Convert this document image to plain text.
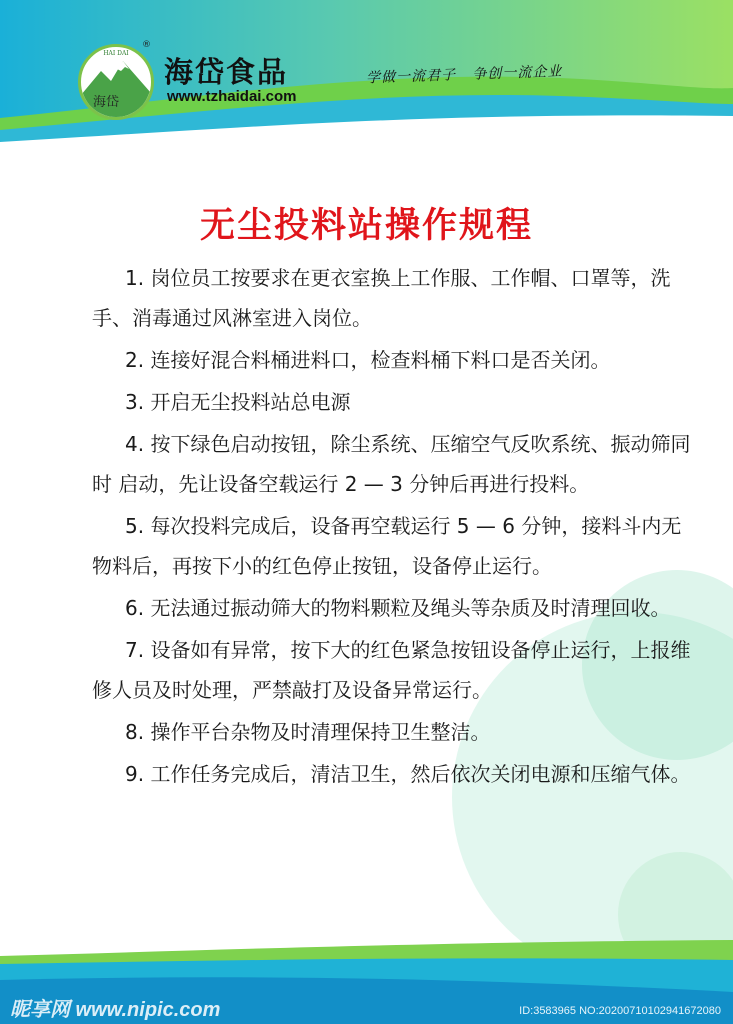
HAI DAI
海岱
®
海岱食品
www.tzhaidai.com
学做一流君子   争创一流企业
无尘投料站操作规程

1. 岗位员工按要求在更衣室换上工作服、工作帽、口罩等，洗手、消毒通过风淋室进入岗位。

2. 连接好混合料桶进料口，检查料桶下料口是否关闭。

3. 开启无尘投料站总电源

4. 按下绿色启动按钮，除尘系统、压缩空气反吹系统、振动筛同时 启动，先让设备空载运行 2 — 3 分钟后再进行投料。

5. 每次投料完成后，设备再空载运行 5 — 6 分钟，接料斗内无物料后，再按下小的红色停止按钮，设备停止运行。

6. 无法通过振动筛大的物料颗粒及绳头等杂质及时清理回收。

7. 设备如有异常，按下大的红色紧急按钮设备停止运行，上报维修人员及时处理，严禁敲打及设备异常运行。

8. 操作平台杂物及时清理保持卫生整洁。

9. 工作任务完成后，清洁卫生，然后依次关闭电源和压缩气体。

昵享网 www.nipic.com	ID:3583965 NO:20200710102941672080
